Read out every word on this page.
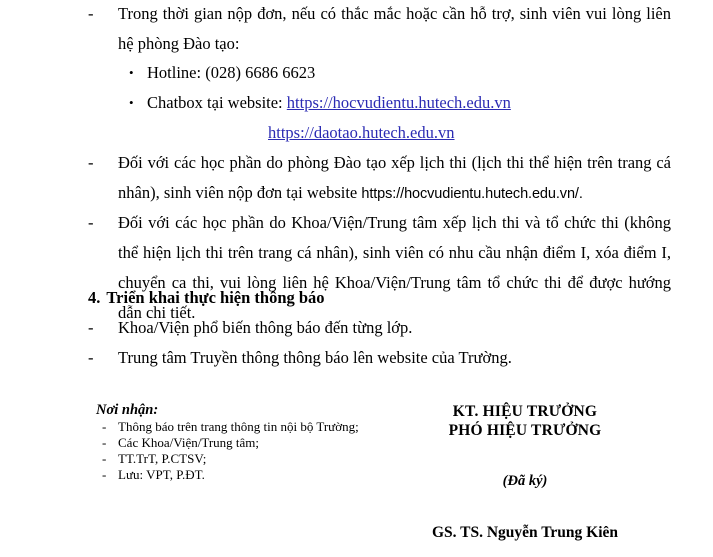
-	Trong thời gian nộp đơn, nếu có thắc mắc hoặc cần hỗ trợ, sinh viên vui lòng liên hệ phòng Đào tạo:
• Hotline: (028) 6686 6623
• Chatbox tại website: https://hocvudientu.hutech.edu.vn
https://daotao.hutech.edu.vn
-	Đối với các học phần do phòng Đào tạo xếp lịch thi (lịch thi thể hiện trên trang cá nhân), sinh viên nộp đơn tại website https://hocvudientu.hutech.edu.vn/.
-	Đối với các học phần do Khoa/Viện/Trung tâm xếp lịch thi và tổ chức thi (không thể hiện lịch thi trên trang cá nhân), sinh viên có nhu cầu nhận điểm I, xóa điểm I, chuyển ca thi, vui lòng liên hệ Khoa/Viện/Trung tâm tổ chức thi để được hướng dẫn chi tiết.
4. Triển khai thực hiện thông báo
-	Khoa/Viện phổ biến thông báo đến từng lớp.
-	Trung tâm Truyền thông thông báo lên website của Trường.
Nơi nhận:
- Thông báo trên trang thông tin nội bộ Trường;
- Các Khoa/Viện/Trung tâm;
- TT.TrT, P.CTSV;
- Lưu: VPT, P.ĐT.
KT. HIỆU TRƯỞNG
PHÓ HIỆU TRƯỞNG
(Đã ký)
GS. TS. Nguyễn Trung Kiên
